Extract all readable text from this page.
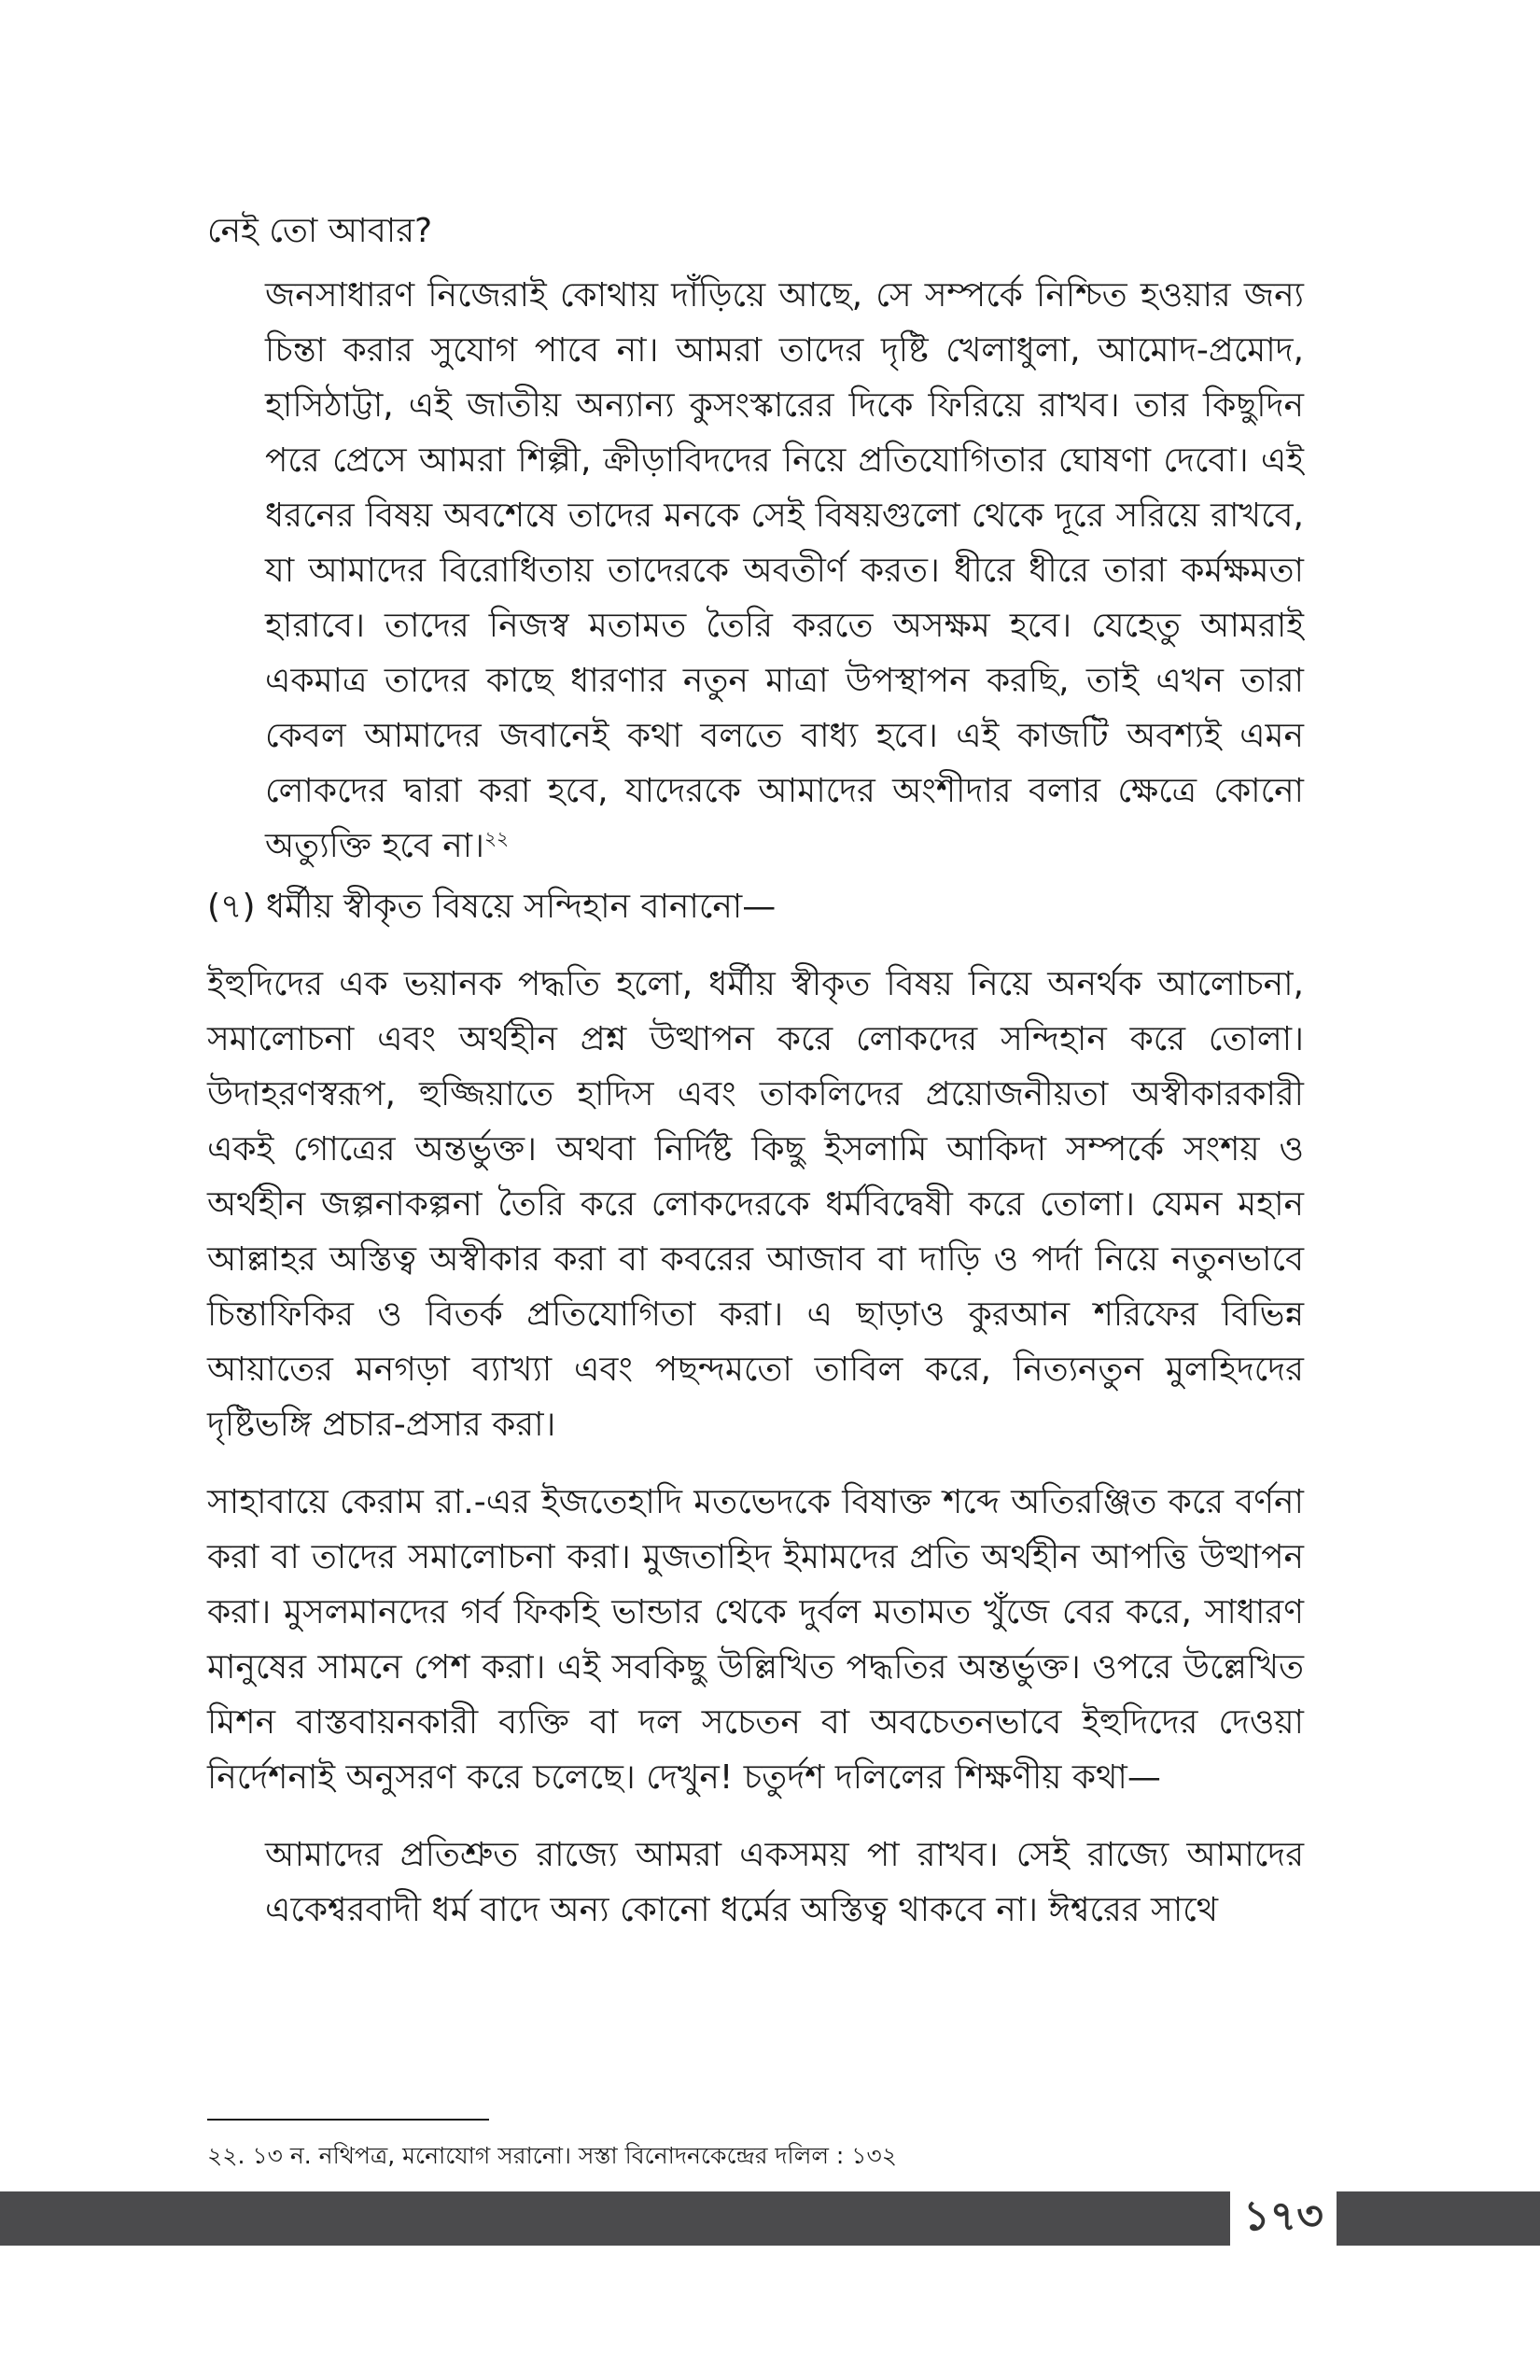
নেই তো আবার?

জনসাধারণ নিজেরাই কোথায় দাঁড়িয়ে আছে, সে সম্পর্কে নিশ্চিত হওয়ার জন্য চিন্তা করার সুযোগ পাবে না। আমরা তাদের দৃষ্টি খেলাধুলা, আমোদ-প্রমোদ, হাসিঠাট্টা, এই জাতীয় অন্যান্য কুসংস্কারের দিকে ফিরিয়ে রাখব। তার কিছুদিন পরে প্রেসে আমরা শিল্পী, ক্রীড়াবিদদের নিয়ে প্রতিযোগিতার ঘোষণা দেবো। এই ধরনের বিষয় অবশেষে তাদের মনকে সেই বিষয়গুলো থেকে দূরে সরিয়ে রাখবে, যা আমাদের বিরোধিতায় তাদেরকে অবতীর্ণ করত। ধীরে ধীরে তারা কর্মক্ষমতা হারাবে। তাদের নিজস্ব মতামত তৈরি করতে অসক্ষম হবে। যেহেতু আমরাই একমাত্র তাদের কাছে ধারণার নতুন মাত্রা উপস্থাপন করছি, তাই এখন তারা কেবল আমাদের জবানেই কথা বলতে বাধ্য হবে। এই কাজটি অবশ্যই এমন লোকদের দ্বারা করা হবে, যাদেরকে আমাদের অংশীদার বলার ক্ষেত্রে কোনো অত্যুক্তি হবে না।$^{২২}$

(৭) ধর্মীয় স্বীকৃত বিষয়ে সন্দিহান বানানো—

ইহুদিদের এক ভয়ানক পদ্ধতি হলো, ধর্মীয় স্বীকৃত বিষয় নিয়ে অনর্থক আলোচনা, সমালোচনা এবং অর্থহীন প্রশ্ন উত্থাপন করে লোকদের সন্দিহান করে তোলা। উদাহরণস্বরূপ, হুজ্জিয়াতে হাদিস এবং তাকলিদের প্রয়োজনীয়তা অস্বীকারকারী একই গোত্রের অন্তর্ভুক্ত। অথবা নির্দিষ্ট কিছু ইসলামি আকিদা সম্পর্কে সংশয় ও অর্থহীন জল্পনাকল্পনা তৈরি করে লোকদেরকে ধর্মবিদ্বেষী করে তোলা। যেমন মহান আল্লাহর অস্তিত্ব অস্বীকার করা বা কবরের আজাব বা দাড়ি ও পর্দা নিয়ে নতুনভাবে চিন্তাফিকির ও বিতর্ক প্রতিযোগিতা করা। এ ছাড়াও কুরআন শরিফের বিভিন্ন আয়াতের মনগড়া ব্যাখ্যা এবং পছন্দমতো তাবিল করে, নিত্যনতুন মুলহিদদের দৃষ্টিভঙ্গি প্রচার-প্রসার করা।

সাহাবায়ে কেরাম রা.-এর ইজতেহাদি মতভেদকে বিষাক্ত শব্দে অতিরঞ্জিত করে বর্ণনা করা বা তাদের সমালোচনা করা। মুজতাহিদ ইমামদের প্রতি অর্থহীন আপত্তি উত্থাপন করা। মুসলমানদের গর্ব ফিকহি ভান্ডার থেকে দুর্বল মতামত খুঁজে বের করে, সাধারণ মানুষের সামনে পেশ করা। এই সবকিছু উল্লিখিত পদ্ধতির অন্তর্ভুক্ত। ওপরে উল্লেখিত মিশন বাস্তবায়নকারী ব্যক্তি বা দল সচেতন বা অবচেতনভাবে ইহুদিদের দেওয়া নির্দেশনাই অনুসরণ করে চলেছে। দেখুন! চতুর্দশ দলিলের শিক্ষণীয় কথা—

আমাদের প্রতিশ্রুত রাজ্যে আমরা একসময় পা রাখব। সেই রাজ্যে আমাদের একেশ্বরবাদী ধর্ম বাদে অন্য কোনো ধর্মের অস্তিত্ব থাকবে না। ঈশ্বরের সাথে

২২. ১৩ ন. নথিপত্র, মনোযোগ সরানো। সস্তা বিনোদনকেন্দ্রের দলিল : ১৩২
১৭৩
